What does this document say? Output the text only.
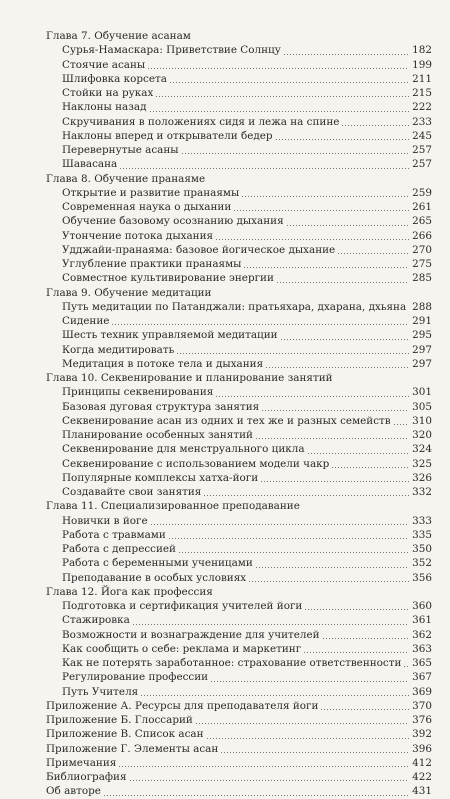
Глава 7. Обучение асанам
Сурья-Намаскара: Приветствие Солнцу	182
Стоячие асаны	199
Шлифовка корсета	211
Стойки на руках	215
Наклоны назад	222
Скручивания в положениях сидя и лежа на спине	233
Наклоны вперед и открыватели бедер	245
Перевернутые асаны	257
Шавасана	257
Глава 8. Обучение пранаяме
Открытие и развитие пранаямы	259
Современная наука о дыхании	261
Обучение базовому осознанию дыхания	265
Утончение потока дыхания	266
Удджайи-пранаяма: базовое йогическое дыхание	270
Углубление практики пранаямы	275
Совместное культивирование энергии	285
Глава 9. Обучение медитации
Путь медитации по Патанджали: пратьяхара, дхарана, дхьяна 288
Сидение	291
Шесть техник управляемой медитации	295
Когда медитировать	297
Медитация в потоке тела и дыхания	297
Глава 10. Секвенирование и планирование занятий
Принципы секвенирования	301
Базовая дуговая структура занятия	305
Секвенирование асан из одних и тех же и разных семейств 310
Планирование особенных занятий	320
Секвенирование для менструального цикла	324
Секвенирование с использованием модели чакр	325
Популярные комплексы хатха-йоги	326
Создавайте свои занятия	332
Глава 11. Специализированное преподавание
Новички в йоге	333
Работа с травмами	335
Работа с депрессией	350
Работа с беременными ученицами	352
Преподавание в особых условиях	356
Глава 12. Йога как профессия
Подготовка и сертификация учителей йоги	360
Стажировка	361
Возможности и вознаграждение для учителей	362
Как сообщить о себе: реклама и маркетинг	363
Как не потерять заработанное: страхование ответственности 365
Регулирование профессии	367
Путь Учителя	369
Приложение А. Ресурсы для преподавателя йоги	370
Приложение Б. Глоссарий	376
Приложение В. Список асан	392
Приложение Г. Элементы асан	396
Примечания	412
Библиография	422
Об авторе	431
